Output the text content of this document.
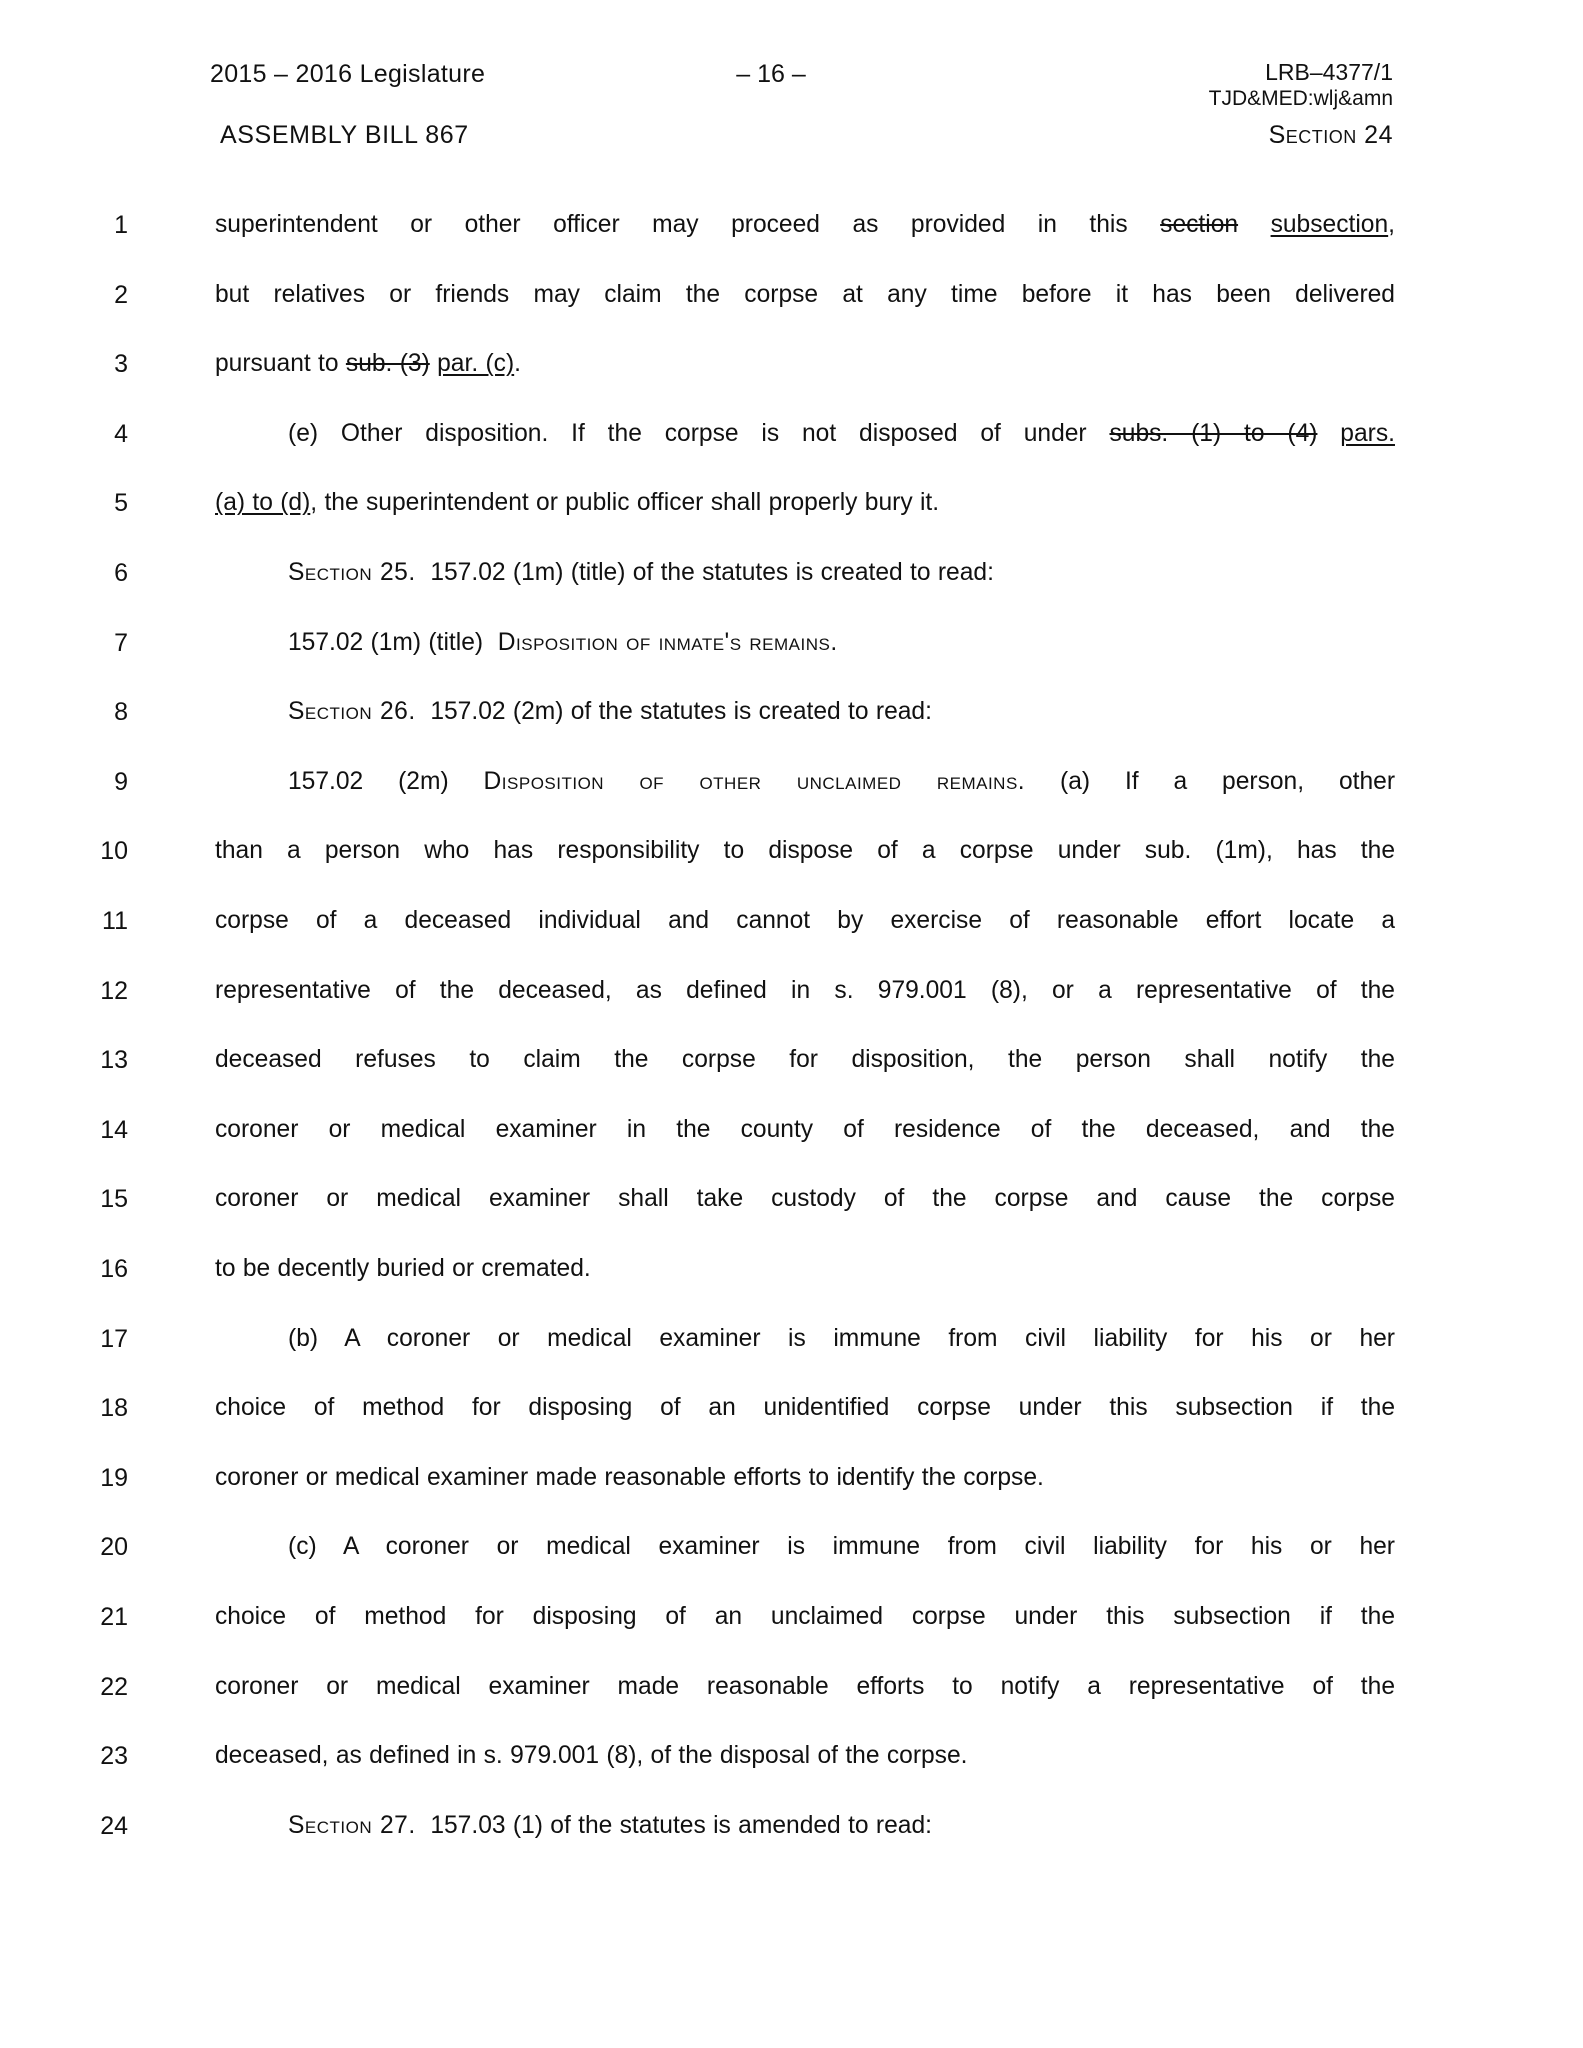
2015 – 2016 Legislature
ASSEMBLY BILL 867
– 16 –	LRB–4377/1
TJD&MED:wlj&amn
Section 24
1	superintendent or other officer may proceed as provided in this section subsection,
2	but relatives or friends may claim the corpse at any time before it has been delivered
3	pursuant to sub. (3) par. (c).
4	(e) Other disposition. If the corpse is not disposed of under subs. (1) to (4) pars.
5	(a) to (d), the superintendent or public officer shall properly bury it.
6	Section 25.  157.02 (1m) (title) of the statutes is created to read:
7	157.02 (1m) (title)  Disposition of inmate's remains.
8	Section 26.  157.02 (2m) of the statutes is created to read:
9	157.02 (2m) Disposition of other unclaimed remains. (a) If a person, other
10	than a person who has responsibility to dispose of a corpse under sub. (1m), has the
11	corpse of a deceased individual and cannot by exercise of reasonable effort locate a
12	representative of the deceased, as defined in s. 979.001 (8), or a representative of the
13	deceased refuses to claim the corpse for disposition, the person shall notify the
14	coroner or medical examiner in the county of residence of the deceased, and the
15	coroner or medical examiner shall take custody of the corpse and cause the corpse
16	to be decently buried or cremated.
17	(b) A coroner or medical examiner is immune from civil liability for his or her
18	choice of method for disposing of an unidentified corpse under this subsection if the
19	coroner or medical examiner made reasonable efforts to identify the corpse.
20	(c) A coroner or medical examiner is immune from civil liability for his or her
21	choice of method for disposing of an unclaimed corpse under this subsection if the
22	coroner or medical examiner made reasonable efforts to notify a representative of the
23	deceased, as defined in s. 979.001 (8), of the disposal of the corpse.
24	Section 27.  157.03 (1) of the statutes is amended to read:
